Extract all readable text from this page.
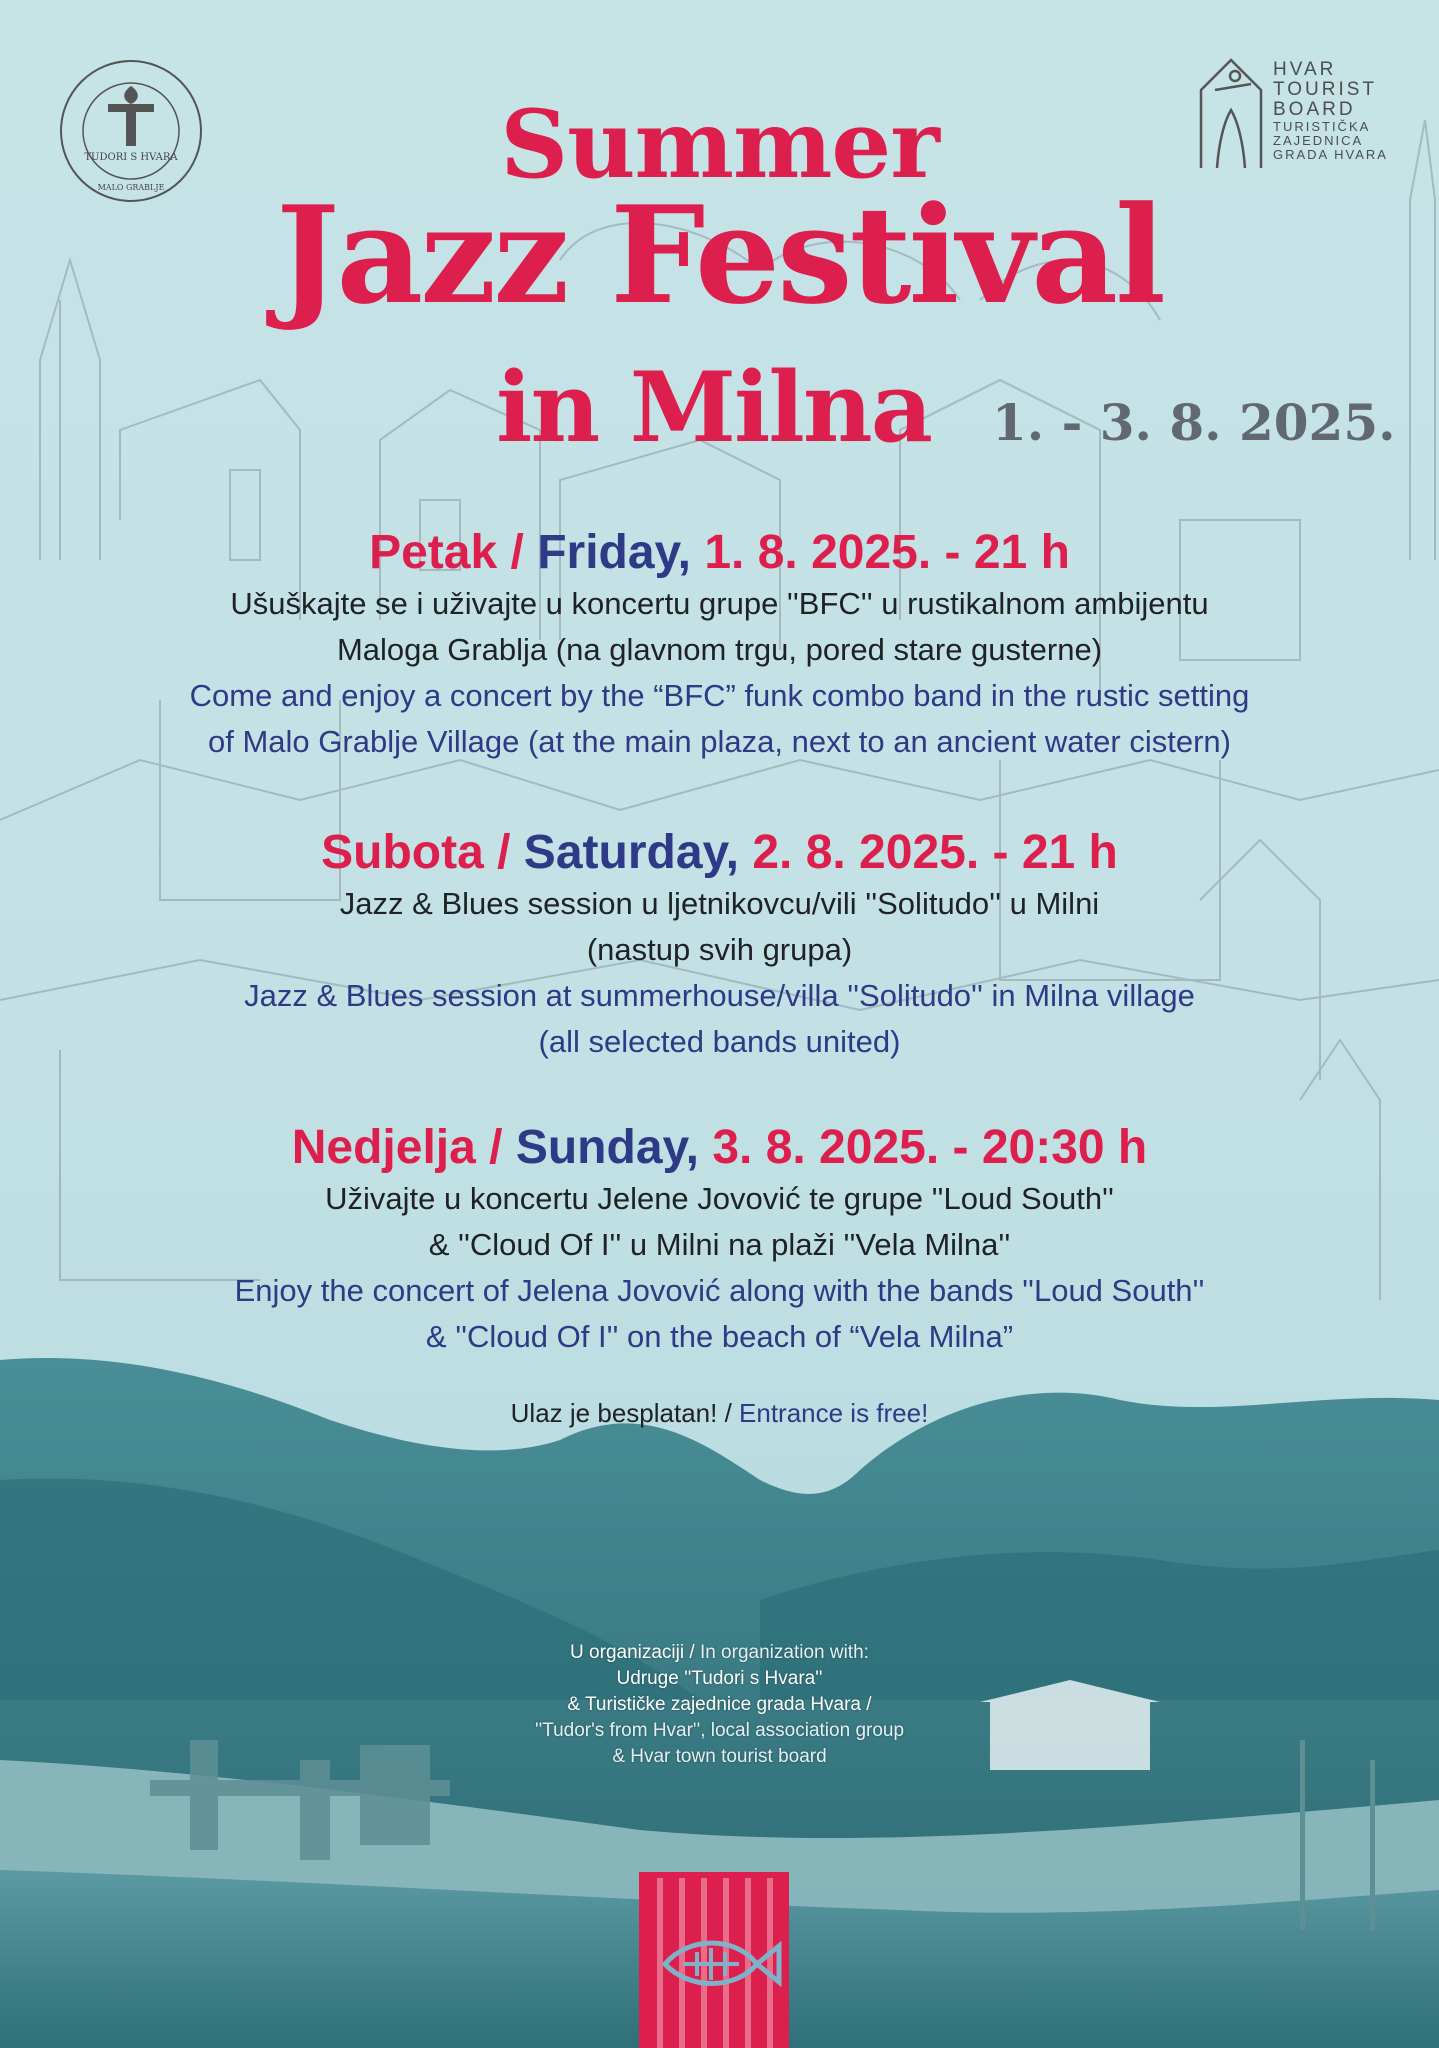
TUDORI S HVARA
MALO GRABLJE
HVAR
TOURIST
BOARD
TURISTIČKA
ZAJEDNICA
GRADA HVARA
Summer
Jazz Festival
in Milna 1. - 3. 8. 2025.
Petak / Friday, 1. 8. 2025. - 21 h
Ušuškajte se i uživajte u koncertu grupe ''BFC'' u rustikalnom ambijentu
Maloga Grablja (na glavnom trgu, pored stare gusterne)
Come and enjoy a concert by the “BFC” funk combo band in the rustic setting
of Malo Grablje Village (at the main plaza, next to an ancient water cistern)
Subota / Saturday, 2. 8. 2025. - 21 h
Jazz & Blues session u ljetnikovcu/vili ''Solitudo'' u Milni
(nastup svih grupa)
Jazz & Blues session at summerhouse/villa ''Solitudo'' in Milna village
(all selected bands united)
Nedjelja / Sunday, 3. 8. 2025. - 20:30 h
Uživajte u koncertu Jelene Jovović te grupe ''Loud South''
& ''Cloud Of I'' u Milni na plaži ''Vela Milna''
Enjoy the concert of Jelena Jovović along with the bands ''Loud South''
& ''Cloud Of I'' on the beach of “Vela Milna”
Ulaz je besplatan! / Entrance is free!
U organizaciji / In organization with:
Udruge ''Tudori s Hvara''
& Turističke zajednice grada Hvara /
''Tudor's from Hvar'', local association group
& Hvar town tourist board
